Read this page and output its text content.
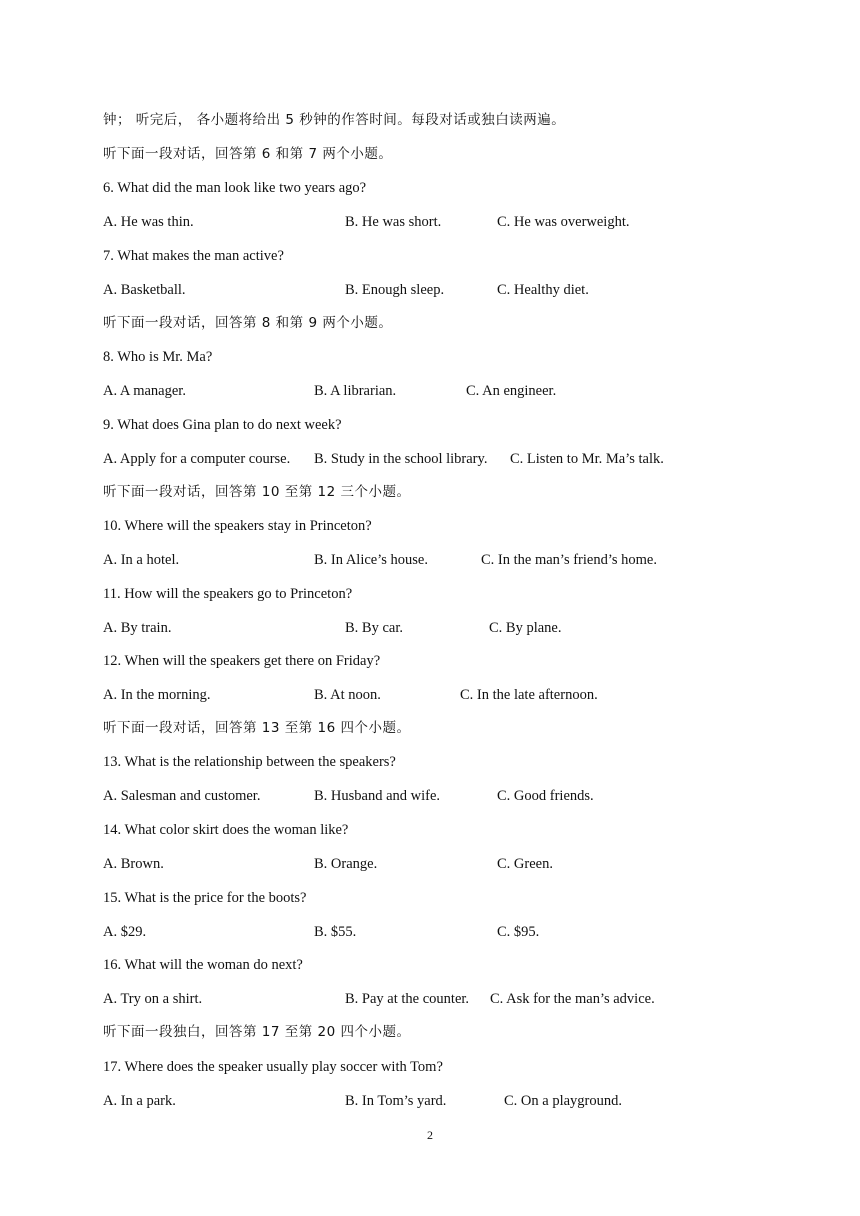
钟； 听完后， 各小题将给出 5 秒钟的作答时间。每段对话或独白读两遍。
听下面一段对话，回答第 6 和第 7 两个小题。
6. What did the man look like two years ago?
A. He was thin.	B. He was short.	C. He was overweight.
7. What makes the man active?
A. Basketball.	B. Enough sleep.	C. Healthy diet.
听下面一段对话，回答第 8 和第 9 两个小题。
8. Who is Mr. Ma?
A. A manager.	B. A librarian.	C. An engineer.
9. What does Gina plan to do next week?
A. Apply for a computer course. B. Study in the school library. C. Listen to Mr. Ma’s talk.
听下面一段对话，回答第 10 至第 12 三个小题。
10. Where will the speakers stay in Princeton?
A. In a hotel.	B. In Alice’s house.	C. In the man’s friend’s home.
11. How will the speakers go to Princeton?
A. By train.	B. By car.	C. By plane.
12. When will the speakers get there on Friday?
A. In the morning.	B. At noon.	C. In the late afternoon.
听下面一段对话，回答第 13 至第 16 四个小题。
13. What is the relationship between the speakers?
A. Salesman and customer.	B. Husband and wife.	C. Good friends.
14. What color skirt does the woman like?
A. Brown.	B. Orange.	C. Green.
15. What is the price for the boots?
A. $29.	B. $55.	C. $95.
16. What will the woman do next?
A. Try on a shirt.	B. Pay at the counter. C. Ask for the man’s advice.
听下面一段独白，回答第 17 至第 20 四个小题。
17. Where does the speaker usually play soccer with Tom?
A. In a park.	B. In Tom’s yard.	C. On a playground.
2
